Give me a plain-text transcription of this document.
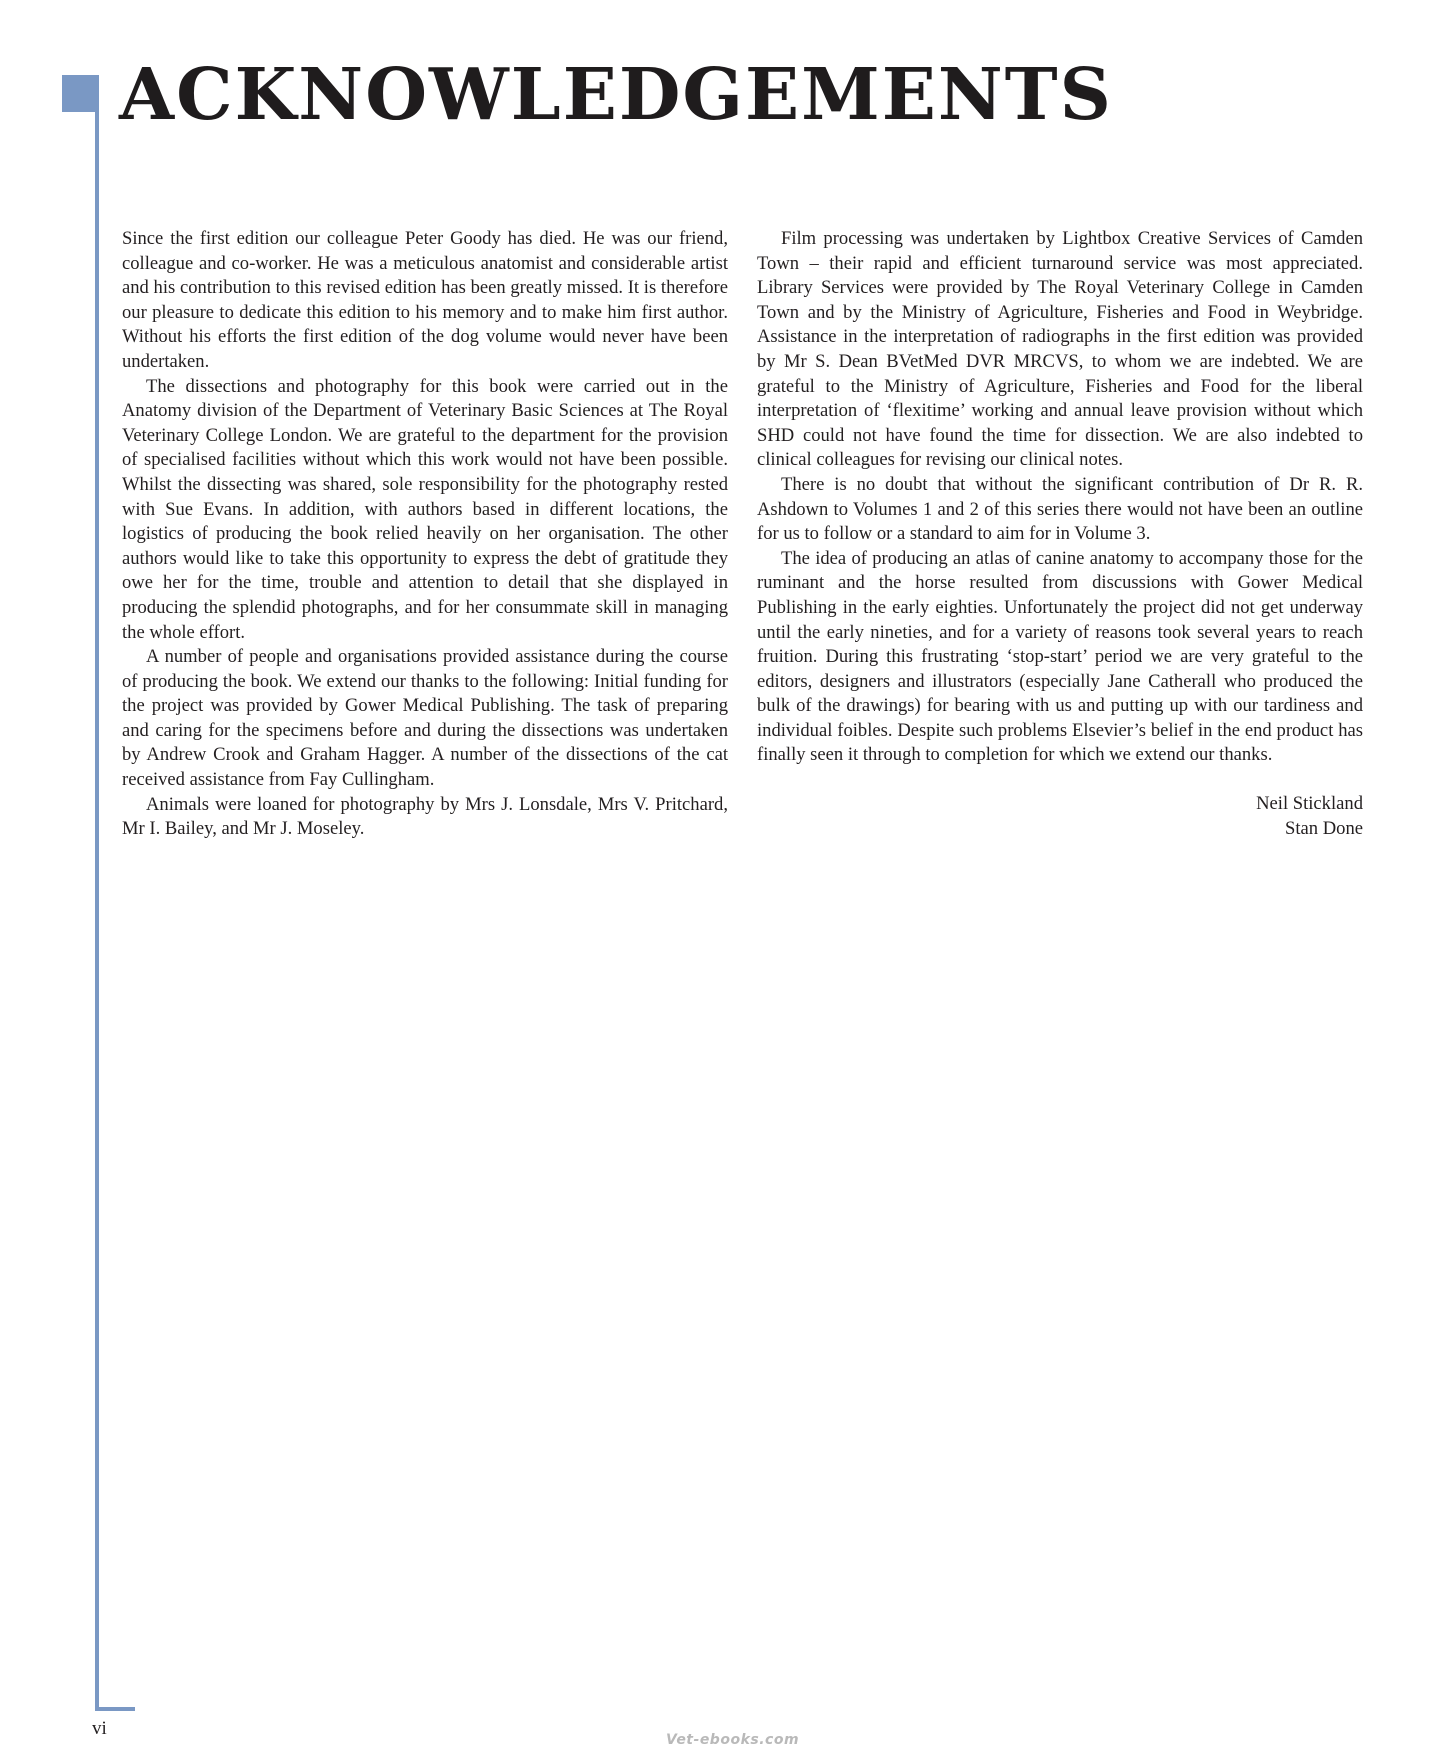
ACKNOWLEDGEMENTS

Since the first edition our colleague Peter Goody has died. He was our friend, colleague and co-worker. He was a meticulous anatomist and considerable artist and his contribution to this revised edition has been greatly missed. It is therefore our pleasure to dedicate this edition to his memory and to make him first author. Without his efforts the first edition of the dog volume would never have been undertaken.

The dissections and photography for this book were carried out in the Anatomy division of the Department of Veterinary Basic Sciences at The Royal Veterinary College London. We are grateful to the department for the provision of specialised facilities without which this work would not have been possible. Whilst the dissecting was shared, sole responsibility for the photography rested with Sue Evans. In addition, with authors based in different locations, the logistics of producing the book relied heavily on her organisation. The other authors would like to take this opportunity to express the debt of gratitude they owe her for the time, trouble and attention to detail that she displayed in producing the splendid photographs, and for her consummate skill in managing the whole effort.

A number of people and organisations provided assistance during the course of producing the book. We extend our thanks to the following: Initial funding for the project was provided by Gower Medical Publishing. The task of preparing and caring for the specimens before and during the dissections was undertaken by Andrew Crook and Graham Hagger. A number of the dissections of the cat received assistance from Fay Cullingham.

Animals were loaned for photography by Mrs J. Lonsdale, Mrs V. Pritchard, Mr I. Bailey, and Mr J. Moseley.

Film processing was undertaken by Lightbox Creative Services of Camden Town – their rapid and efficient turnaround service was most appreciated. Library Services were provided by The Royal Veterinary College in Camden Town and by the Ministry of Agriculture, Fisheries and Food in Weybridge. Assistance in the interpretation of radiographs in the first edition was provided by Mr S. Dean BVetMed DVR MRCVS, to whom we are indebted. We are grateful to the Ministry of Agriculture, Fisheries and Food for the liberal interpretation of ‘flexitime’ working and annual leave provision without which SHD could not have found the time for dissection. We are also indebted to clinical colleagues for revising our clinical notes.

There is no doubt that without the significant contribution of Dr R. R. Ashdown to Volumes 1 and 2 of this series there would not have been an outline for us to follow or a standard to aim for in Volume 3.

The idea of producing an atlas of canine anatomy to accompany those for the ruminant and the horse resulted from discussions with Gower Medical Publishing in the early eighties. Unfortunately the project did not get underway until the early nineties, and for a variety of reasons took several years to reach fruition. During this frustrating ‘stop-start’ period we are very grateful to the editors, designers and illustrators (especially Jane Catherall who produced the bulk of the drawings) for bearing with us and putting up with our tardiness and individual foibles. Despite such problems Elsevier’s belief in the end product has finally seen it through to completion for which we extend our thanks.

Neil Stickland
Stan Done
vi
Vet-ebooks.com
